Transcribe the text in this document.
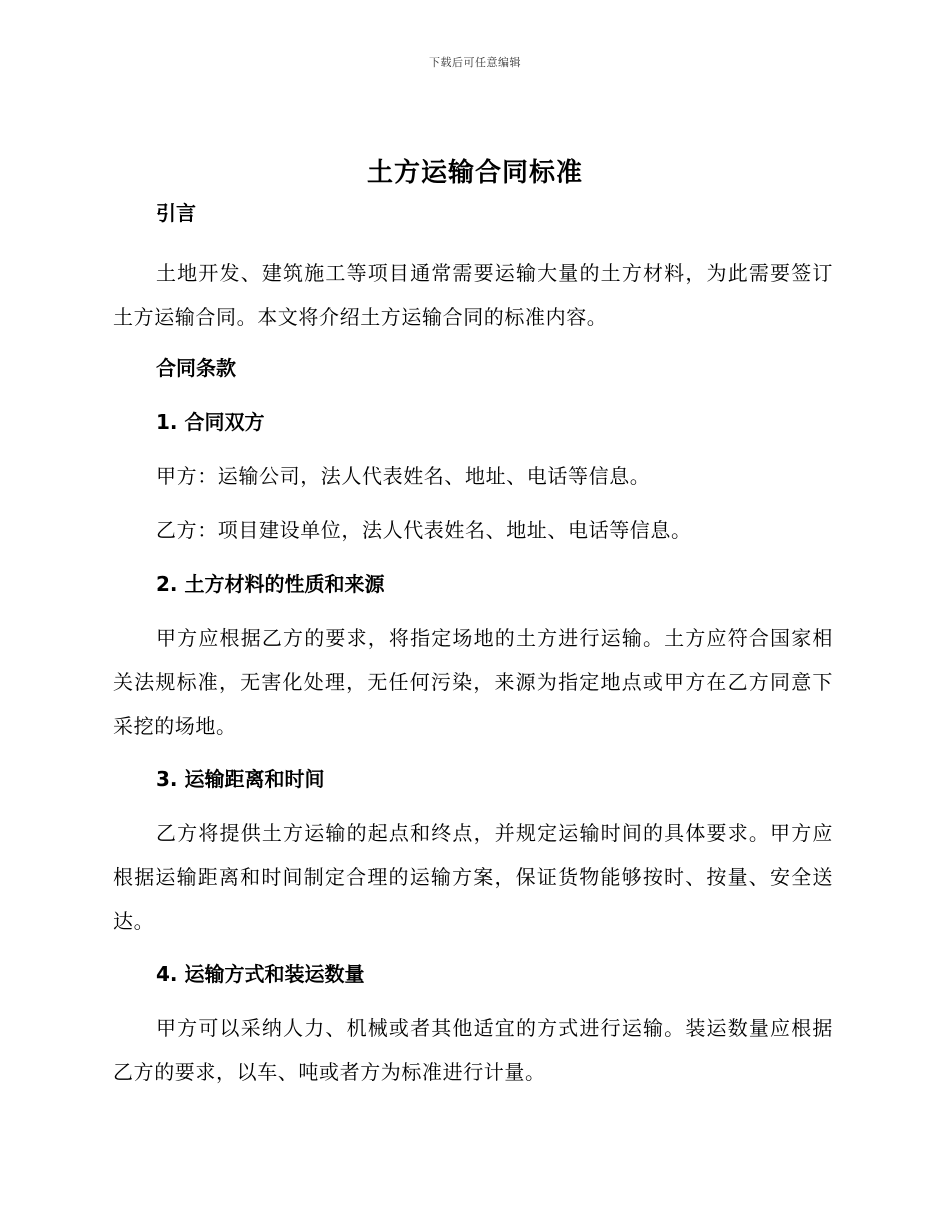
下载后可任意编辑
土方运输合同标准
引言

土地开发、建筑施工等项目通常需要运输大量的土方材料，为此需要签订土方运输合同。本文将介绍土方运输合同的标准内容。

合同条款
1. 合同双方

甲方：运输公司，法人代表姓名、地址、电话等信息。

乙方：项目建设单位，法人代表姓名、地址、电话等信息。

2. 土方材料的性质和来源

甲方应根据乙方的要求，将指定场地的土方进行运输。土方应符合国家相关法规标准，无害化处理，无任何污染，来源为指定地点或甲方在乙方同意下采挖的场地。

3. 运输距离和时间

乙方将提供土方运输的起点和终点，并规定运输时间的具体要求。甲方应根据运输距离和时间制定合理的运输方案，保证货物能够按时、按量、安全送达。

4. 运输方式和装运数量

甲方可以采纳人力、机械或者其他适宜的方式进行运输。装运数量应根据乙方的要求，以车、吨或者方为标准进行计量。
